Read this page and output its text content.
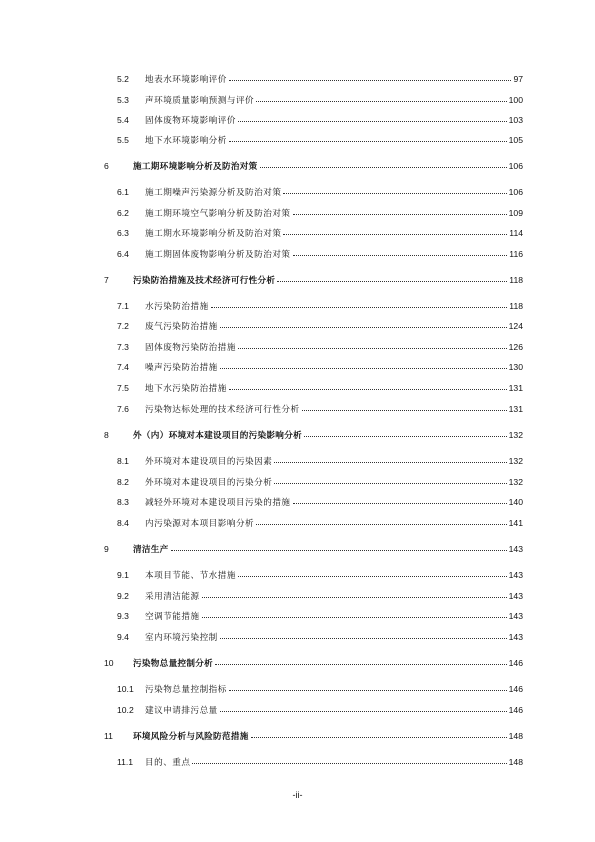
5.2 地表水环境影响评价	97
5.3 声环境质量影响预测与评价	100
5.4 固体废物环境影响评价	103
5.5 地下水环境影响分析	105
6	施工期环境影响分析及防治对策	106
6.1 施工期噪声污染源分析及防治对策	106
6.2 施工期环境空气影响分析及防治对策	109
6.3 施工期水环境影响分析及防治对策	114
6.4 施工期固体废物影响分析及防治对策	116
7	污染防治措施及技术经济可行性分析	118
7.1 水污染防治措施	118
7.2 废气污染防治措施	124
7.3 固体废物污染防治措施	126
7.4 噪声污染防治措施	130
7.5 地下水污染防治措施	131
7.6 污染物达标处理的技术经济可行性分析	131
8	外（内）环境对本建设项目的污染影响分析	132
8.1 外环境对本建设项目的污染因素	132
8.2 外环境对本建设项目的污染分析	132
8.3 减轻外环境对本建设项目污染的措施	140
8.4 内污染源对本项目影响分析	141
9	清洁生产	143
9.1 本项目节能、节水措施	143
9.2 采用清洁能源	143
9.3 空调节能措施	143
9.4 室内环境污染控制	143
10 污染物总量控制分析	146
10.1 污染物总量控制指标	146
10.2 建议申请排污总量	146
11 环境风险分析与风险防范措施	148
11.1 目的、重点	148
-ii-
